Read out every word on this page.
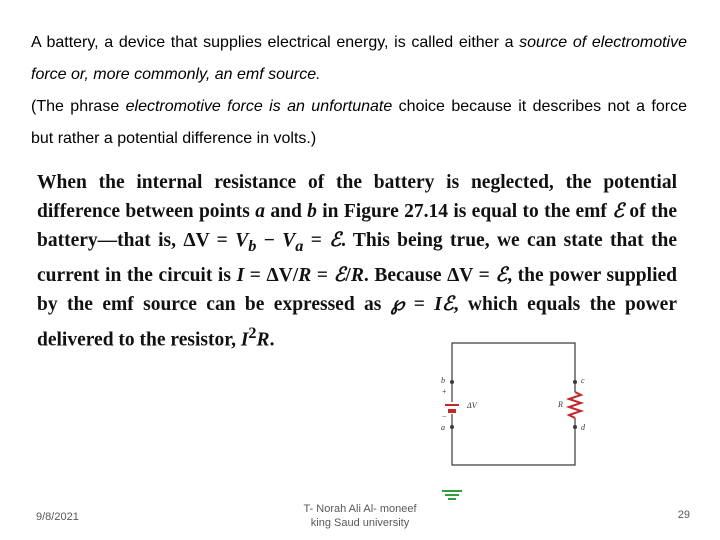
A battery, a device that supplies electrical energy, is called either a source of electromotive force or, more commonly, an emf source.
(The phrase electromotive force is an unfortunate choice because it describes not a force but rather a potential difference in volts.)
When the internal resistance of the battery is neglected, the potential difference between points a and b in Figure 27.14 is equal to the emf ℰ of the battery—that is, $\Delta V = V_b - V_a$ = ℰ. This being true, we can state that the current in the circuit is I = ΔV/R = ℰ/R. Because ΔV = ℰ, the power supplied by the emf source can be expressed as ℘ = Iℰ, which equals the power delivered to the resistor, $I^2R$.
b
+
−
ΔV
a
c
R
d
9/8/2021
T- Norah Ali Al- moneef
king Saud university
29
